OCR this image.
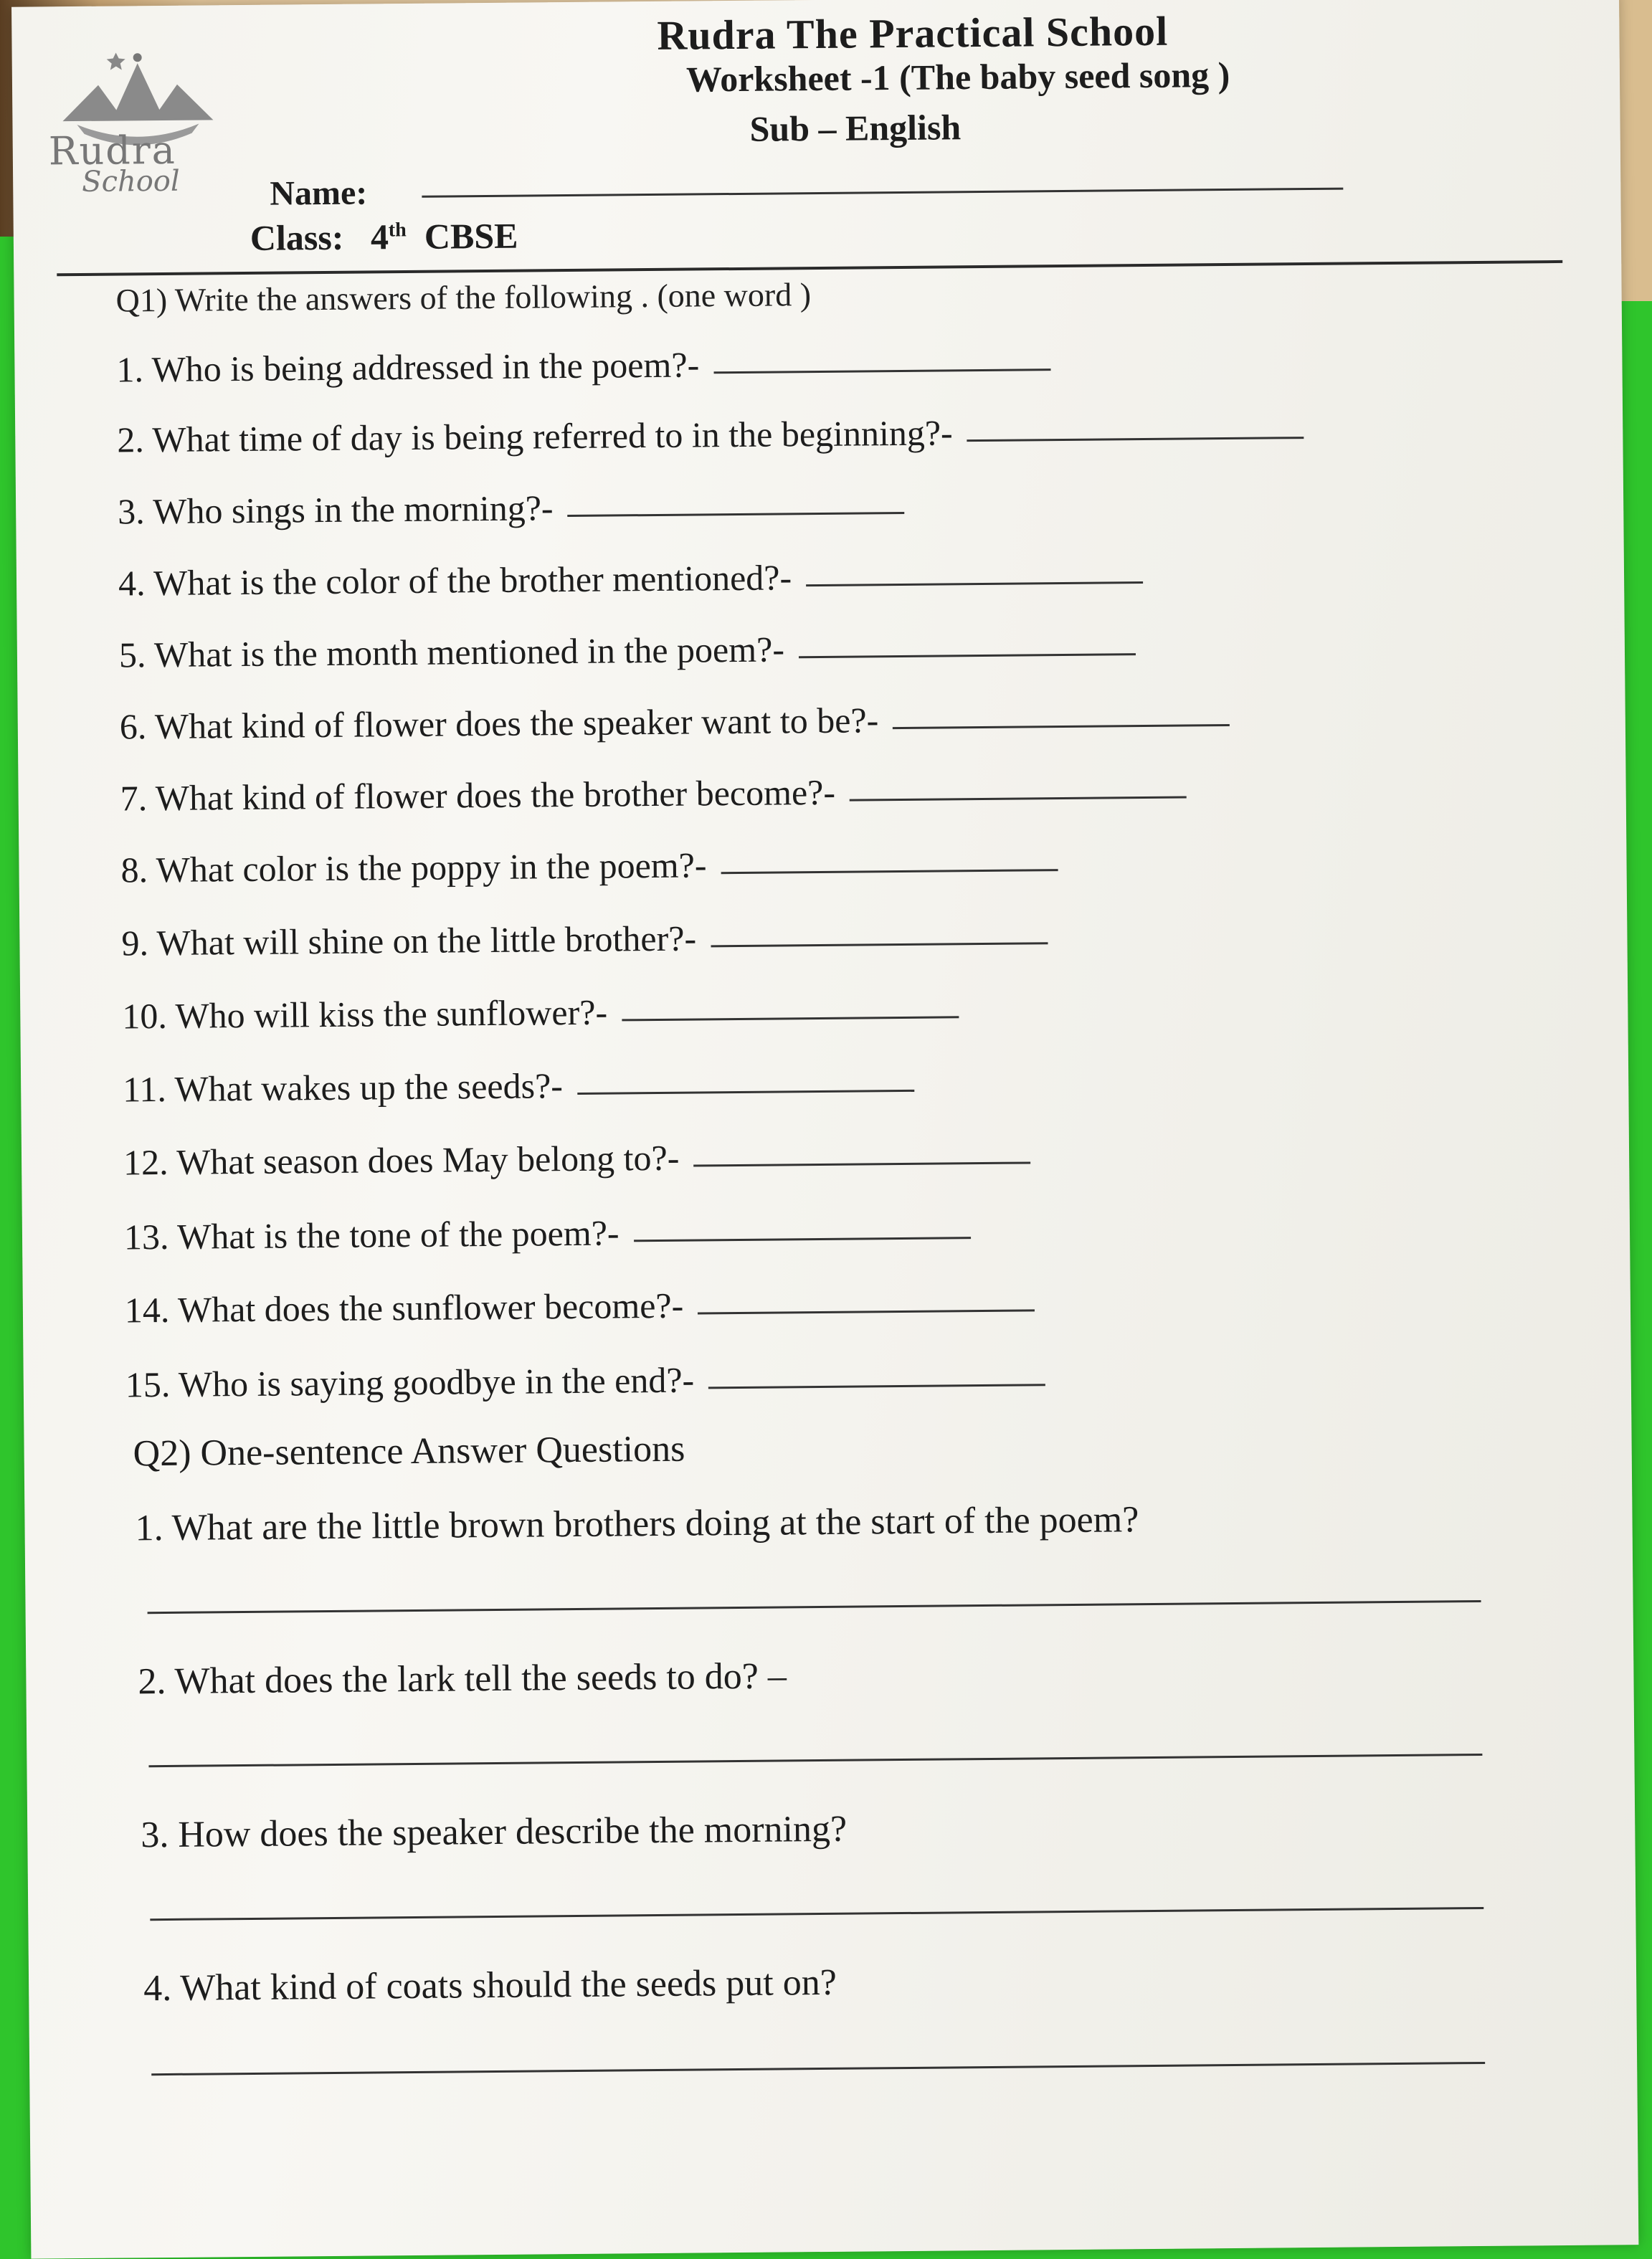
Rudra
School
Rudra The Practical School
Worksheet -1 (The baby seed song )
Sub – English
Name:
Class: 4th CBSE
Q1) Write the answers of the following . (one word )
1. Who is being addressed in the poem?-
2. What time of day is being referred to in the beginning?-
3. Who sings in the morning?-
4. What is the color of the brother mentioned?-
5. What is the month mentioned in the poem?-
6. What kind of flower does the speaker want to be?-
7. What kind of flower does the brother become?-
8. What color is the poppy in the poem?-
9. What will shine on the little brother?-
10. Who will kiss the sunflower?-
11. What wakes up the seeds?-
12. What season does May belong to?-
13. What is the tone of the poem?-
14. What does the sunflower become?-
15. Who is saying goodbye in the end?-
Q2) One-sentence Answer Questions
1. What are the little brown brothers doing at the start of the poem?
2. What does the lark tell the seeds to do? –
3. How does the speaker describe the morning?
4. What kind of coats should the seeds put on?
